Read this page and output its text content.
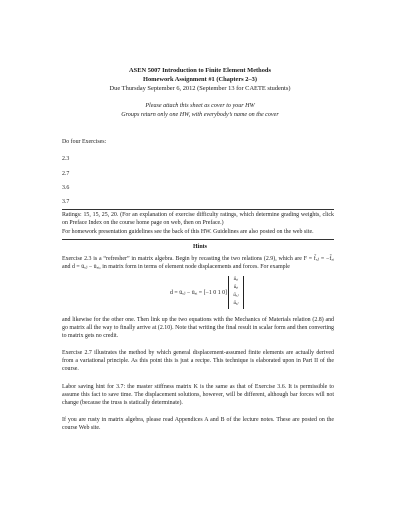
ASEN 5007 Introduction to Finite Element Methods
Homework Assignment #1 (Chapters 2–3)
Due Thursday September 6, 2012 (September 13 for CAETE students)
Please attach this sheet as cover to your HW
Groups return only one HW, with everybody’s name on the cover
Do four Exercises:
2.3
2.7
3.6
3.7
Ratings: 15, 15, 25, 20. (For an explanation of exercise difficulty ratings, which determine grading weights, click on Preface Index on the course home page on web, then on Preface.)
For homework presentation guidelines see the back of this HW. Guidelines are also posted on the web site.
Hints
Exercise 2.3 is a “refresher” in matrix algebra. Begin by recasting the two relations (2.9), which are F = f̄ₓⱼ = −f̄ₓᵢ and d = ūₓⱼ − ūₓᵢ, in matrix form in terms of element node displacements and forces. For example
d = ūₓⱼ − ūₓᵢ = [−1 0 1 0]
ūₓᵢ
ūᵧᵢ
ūₓⱼ
ūᵧⱼ
and likewise for the other one. Then link up the two equations with the Mechanics of Materials relation (2.8) and go matrix all the way to finally arrive at (2.10). Note that writing the final result in scalar form and then converting to matrix gets no credit.
Exercise 2.7 illustrates the method by which general displacement-assumed finite elements are actually derived from a variational principle. As this point this is just a recipe. This technique is elaborated upon in Part II of the course.
Labor saving hint for 3.7: the master stiffness matrix K is the same as that of Exercise 3.6. It is permissible to assume this fact to save time. The displacement solutions, however, will be different, although bar forces will not change (because the truss is statically determinate).
If you are rusty in matrix algebra, please read Appendices A and B of the lecture notes. These are posted on the course Web site.
